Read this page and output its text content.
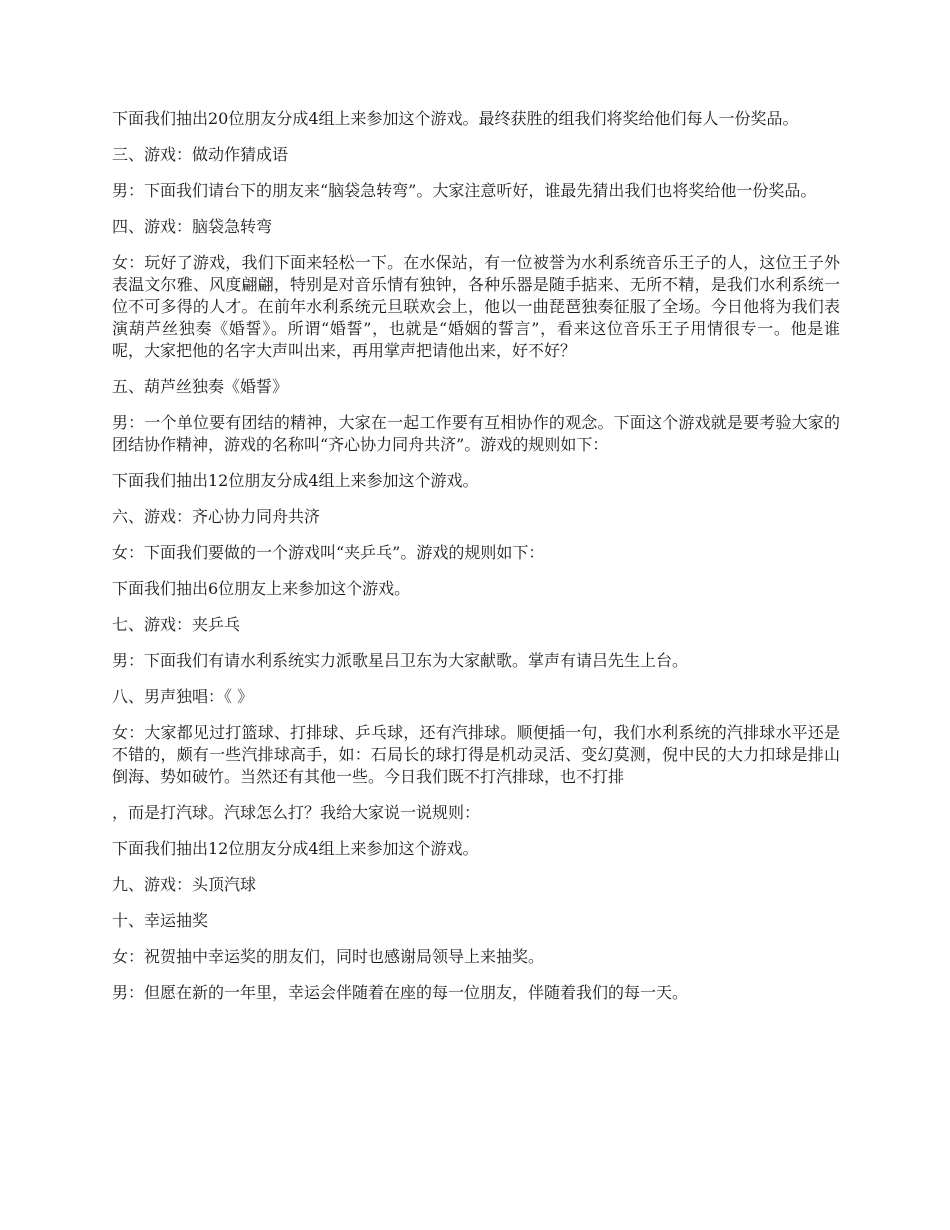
下面我们抽出20位朋友分成4组上来参加这个游戏。最终获胜的组我们将奖给他们每人一份奖品。

三、游戏：做动作猜成语

男：下面我们请台下的朋友来“脑袋急转弯”。大家注意听好，谁最先猜出我们也将奖给他一份奖品。

四、游戏：脑袋急转弯

女：玩好了游戏，我们下面来轻松一下。在水保站，有一位被誉为水利系统音乐王子的人，这位王子外表温文尔雅、风度翩翩，特别是对音乐情有独钟，各种乐器是随手掂来、无所不精，是我们水利系统一位不可多得的人才。在前年水利系统元旦联欢会上，他以一曲琵琶独奏征服了全场。今日他将为我们表演葫芦丝独奏《婚誓》。所谓“婚誓”，也就是“婚姻的誓言”，看来这位音乐王子用情很专一。他是谁呢，大家把他的名字大声叫出来，再用掌声把请他出来，好不好？

五、葫芦丝独奏《婚誓》

男：一个单位要有团结的精神，大家在一起工作要有互相协作的观念。下面这个游戏就是要考验大家的团结协作精神，游戏的名称叫“齐心协力同舟共济”。游戏的规则如下：

下面我们抽出12位朋友分成4组上来参加这个游戏。

六、游戏：齐心协力同舟共济

女：下面我们要做的一个游戏叫“夹乒乓”。游戏的规则如下：

下面我们抽出6位朋友上来参加这个游戏。

七、游戏：夹乒乓

男：下面我们有请水利系统实力派歌星吕卫东为大家献歌。掌声有请吕先生上台。

八、男声独唱：《 》

女：大家都见过打篮球、打排球、乒乓球，还有汽排球。顺便插一句，我们水利系统的汽排球水平还是不错的，颇有一些汽排球高手，如：石局长的球打得是机动灵活、变幻莫测，倪中民的大力扣球是排山倒海、势如破竹。当然还有其他一些。今日我们既不打汽排球，也不打排

，而是打汽球。汽球怎么打？我给大家说一说规则：

下面我们抽出12位朋友分成4组上来参加这个游戏。

九、游戏：头顶汽球

十、幸运抽奖

女：祝贺抽中幸运奖的朋友们，同时也感谢局领导上来抽奖。

男：但愿在新的一年里，幸运会伴随着在座的每一位朋友，伴随着我们的每一天。
